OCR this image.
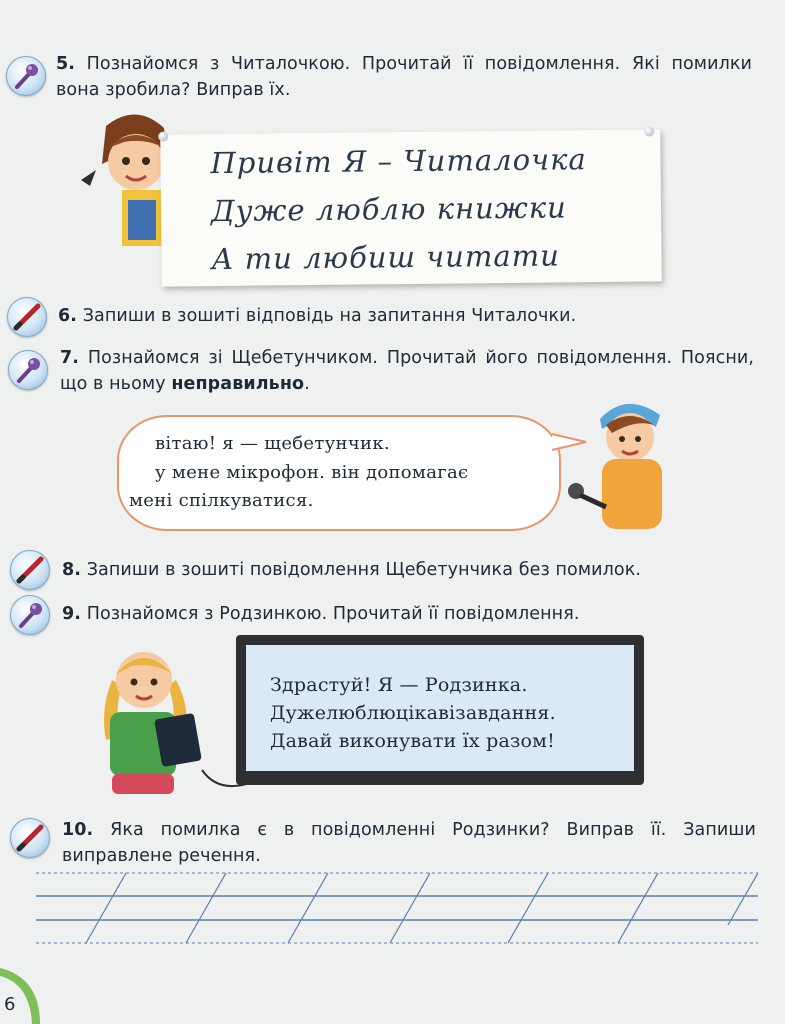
5. Познайомся з Читалочкою. Прочитай її повідомлення. Які помилки вона зробила? Виправ їх.
Привіт Я – Читалочка
Дуже люблю книжки
А ти любиш читати
6. Запиши в зошиті відповідь на запитання Читалочки.
7. Познайомся зі Щебетунчиком. Прочитай його повідомлення. Поясни, що в ньому неправильно.
вітаю! я — щебетунчик.
у мене мікрофон. він допомагає
мені спілкуватися.
8. Запиши в зошиті повідомлення Щебетунчика без помилок.
9. Познайомся з Родзинкою. Прочитай її повідомлення.
Здрастуй! Я — Родзинка.
Дужелюблюцікавізавдання.
Давай виконувати їх разом!
10. Яка помилка є в повідомленні Родзинки? Виправ її. Запиши виправлене речення.
6
